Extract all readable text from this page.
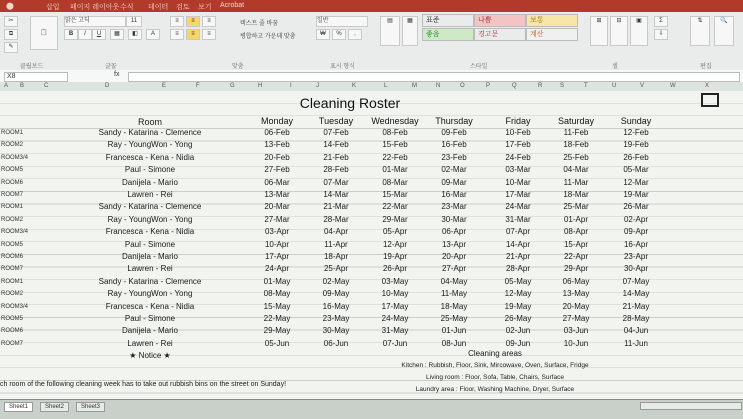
⬤	삽입 페이지 레이아웃 수식 데이터 검토 보기 Acrobat
✂
⧉
✎
📋
맑은 고딕	11
B	I	U	▦	◧	A
≡	≡	≡
≡	≡	≡
텍스트 줄 바꿈
병합하고 가운데 맞춤
일반
₩	%	,
▤	▦	표준	나쁨	보통
좋음	경고문	계산
⊞	⊟	▣	Σ
⇩
⇅	🔍
클립보드	글꼴	맞춤	표시 형식	스타일	셀	편집
X8	fx
A B	C	D	E	F	G	H	I	J	K	L	M	N	O	P	Q	R	S	T	U	V	W	X
Cleaning Roster
Room	Monday	Tuesday	Wednesday	Thursday	Friday	Saturday	Sunday
ROOM1	Sandy - Katarina - Clemence	06-Feb	07-Feb	08-Feb	09-Feb	10-Feb	11-Feb	12-Feb
ROOM2	Ray - YoungWon - Yong	13-Feb	14-Feb	15-Feb	16-Feb	17-Feb	18-Feb	19-Feb
ROOM3/4	Francesca - Kena - Nidia	20-Feb	21-Feb	22-Feb	23-Feb	24-Feb	25-Feb	26-Feb
ROOM5	Paul - Simone	27-Feb	28-Feb	01-Mar	02-Mar	03-Mar	04-Mar	05-Mar
ROOM6	Danijela - Mario	06-Mar	07-Mar	08-Mar	09-Mar	10-Mar	11-Mar	12-Mar
ROOM7	Lawren - Rei	13-Mar	14-Mar	15-Mar	16-Mar	17-Mar	18-Mar	19-Mar
ROOM1	Sandy - Katarina - Clemence	20-Mar	21-Mar	22-Mar	23-Mar	24-Mar	25-Mar	26-Mar
ROOM2	Ray - YoungWon - Yong	27-Mar	28-Mar	29-Mar	30-Mar	31-Mar	01-Apr	02-Apr
ROOM3/4	Francesca - Kena - Nidia	03-Apr	04-Apr	05-Apr	06-Apr	07-Apr	08-Apr	09-Apr
ROOM5	Paul - Simone	10-Apr	11-Apr	12-Apr	13-Apr	14-Apr	15-Apr	16-Apr
ROOM6	Danijela - Mario	17-Apr	18-Apr	19-Apr	20-Apr	21-Apr	22-Apr	23-Apr
ROOM7	Lawren - Rei	24-Apr	25-Apr	26-Apr	27-Apr	28-Apr	29-Apr	30-Apr
ROOM1	Sandy - Katarina - Clemence	01-May	02-May	03-May	04-May	05-May	06-May	07-May
ROOM2	Ray - YoungWon - Yong	08-May	09-May	10-May	11-May	12-May	13-May	14-May
ROOM3/4	Francesca - Kena - Nidia	15-May	16-May	17-May	18-May	19-May	20-May	21-May
ROOM5	Paul - Simone	22-May	23-May	24-May	25-May	26-May	27-May	28-May
ROOM6	Danijela - Mario	29-May	30-May	31-May	01-Jun	02-Jun	03-Jun	04-Jun
ROOM7	Lawren - Rei	05-Jun	06-Jun	07-Jun	08-Jun	09-Jun	10-Jun	11-Jun
★ Notice ★	Cleaning areas
Kitchen : Rubbish, Floor, Sink, Mircowave, Oven, Surface, Fridge
Living room : Floor, Sofa, Table, Chairs, Surface
Laundry area : Floor, Washing Machine, Dryer, Surface
ch room of the following cleaning week has to take out rubbish bins on the street on Sunday!
Sheet1	Sheet2	Sheet3
